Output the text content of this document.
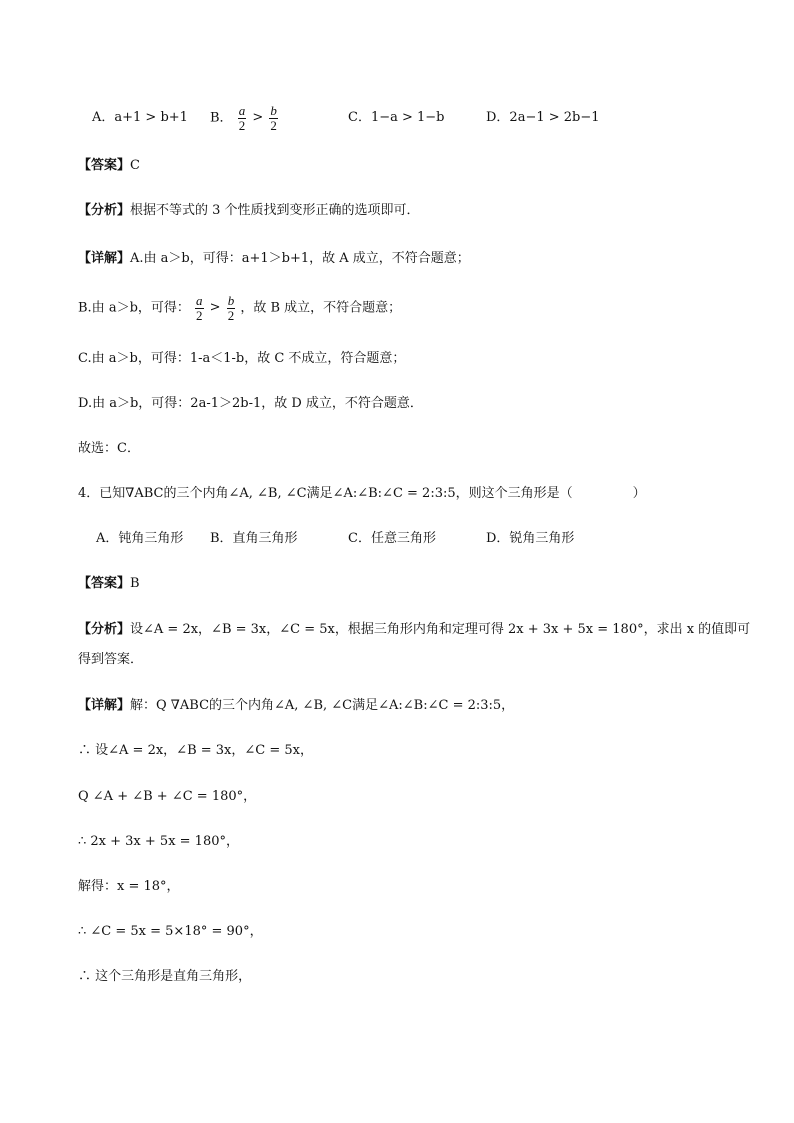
A．a+1 > b+1 B． $\frac{a}{2} > \frac{b}{2}$	C．1−a > 1−b	D．2a−1 > 2b−1
【答案】C
【分析】根据不等式的 3 个性质找到变形正确的选项即可．
【详解】A.由 a＞b，可得：a+1＞b+1，故 A 成立，不符合题意；
B.由 a＞b，可得： $\frac{a}{2} > \frac{b}{2}$ ，故 B 成立，不符合题意；
C.由 a＞b，可得：1-a＜1-b，故 C 不成立，符合题意；
D.由 a＞b，可得：2a-1＞2b-1，故 D 成立，不符合题意．
故选：C．
4．已知∇ABC的三个内角∠A, ∠B, ∠C满足∠A:∠B:∠C = 2:3:5，则这个三角形是（	）
A．钝角三角形 B．直角三角形	C．任意三角形	D．锐角三角形
【答案】B
【分析】设∠A = 2x，∠B = 3x，∠C = 5x，根据三角形内角和定理可得 2x + 3x + 5x = 180°，求出 x 的值即可
得到答案．
【详解】解：Q ∇ABC的三个内角∠A, ∠B, ∠C满足∠A:∠B:∠C = 2:3:5，
∴ 设∠A = 2x，∠B = 3x，∠C = 5x，
Q ∠A + ∠B + ∠C = 180°，
∴ 2x + 3x + 5x = 180°，
解得：x = 18°，
∴ ∠C = 5x = 5×18° = 90°，
∴ 这个三角形是直角三角形，
